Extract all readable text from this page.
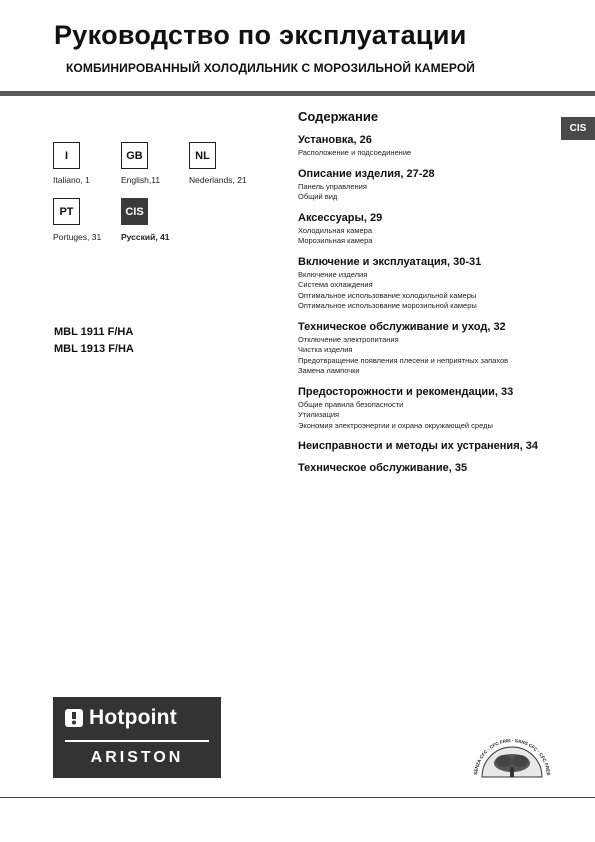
Руководство по эксплуатации
КОМБИНИРОВАННЫЙ ХОЛОДИЛЬНИК С МОРОЗИЛЬНОЙ КАМЕРОЙ
I	GB	NL
Italiano, 1	English,11	Nederlands, 21
PT	CIS
Portuges, 31 Русский, 41
MBL 1911 F/HA
MBL 1913 F/HA
CIS
Содержание
Установка, 26
Расположение и подсоединение
Описание изделия, 27-28
Панель управления
Общий вид
Аксессуары, 29
Холодильная камера
Морозильная камера
Включение и эксплуатация, 30-31
Включение изделия
Система охлаждения
Оптимальное использование холодильной камеры
Оптимальное использование морозильной камеры
Техническое обслуживание и уход, 32
Отключение электропитания
Чистка изделия
Предотвращение появления плесени и неприятных запахов
Замена лампочки
Предосторожности и рекомендации, 33
Общие правила безопасности
Утилизация
Экономия электроэнергии и охрана окружающей среды
Неисправности и методы их устранения, 34
Техническое обслуживание, 35
Hotpoint
ARISTON
SENZA CFC · CFC FREI · SANS CFC · CFC FREE
